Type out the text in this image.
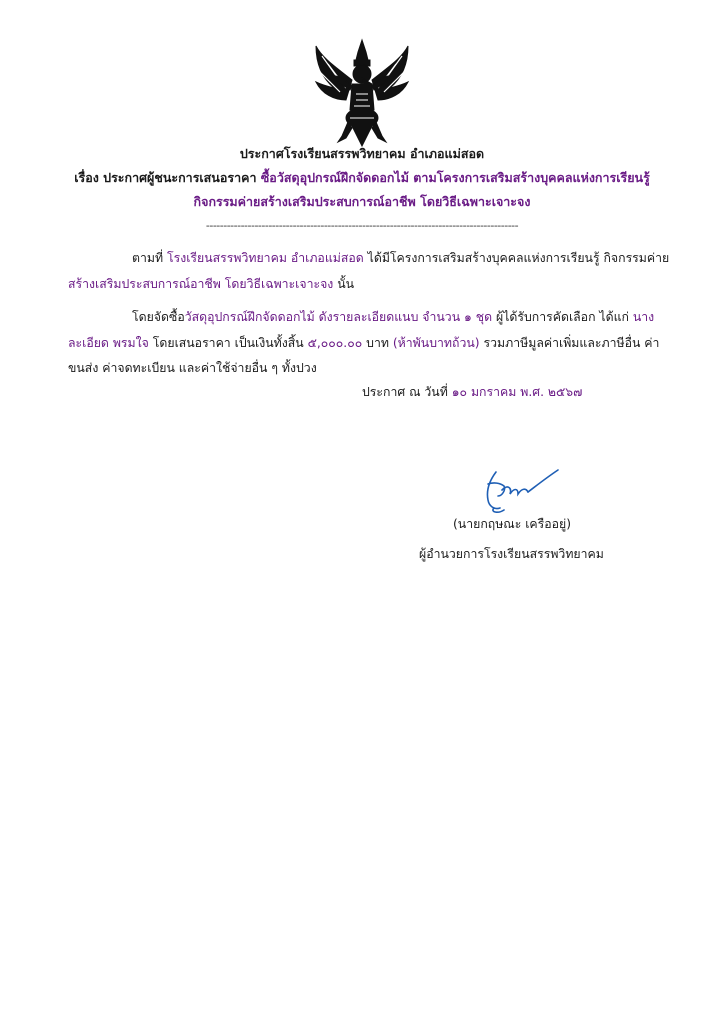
ประกาศโรงเรียนสรรพวิทยาคม อำเภอแม่สอด
เรื่อง ประกาศผู้ชนะการเสนอราคา ซื้อวัสดุอุปกรณ์ฝึกจัดดอกไม้ ตามโครงการเสริมสร้างบุคคลแห่งการเรียนรู้
กิจกรรมค่ายสร้างเสริมประสบการณ์อาชีพ โดยวิธีเฉพาะเจาะจง
------------------------------------------------------------------------------------------
ตามที่ โรงเรียนสรรพวิทยาคม อำเภอแม่สอด ได้มีโครงการเสริมสร้างบุคคลแห่งการเรียนรู้ กิจกรรมค่าย
สร้างเสริมประสบการณ์อาชีพ โดยวิธีเฉพาะเจาะจง นั้น
โดยจัดซื้อวัสดุอุปกรณ์ฝึกจัดดอกไม้ ดังรายละเอียดแนบ จำนวน ๑ ชุด ผู้ได้รับการคัดเลือก ได้แก่ นาง
ละเอียด พรมใจ โดยเสนอราคา เป็นเงินทั้งสิ้น ๕,๐๐๐.๐๐ บาท (ห้าพันบาทถ้วน) รวมภาษีมูลค่าเพิ่มและภาษีอื่น ค่า
ขนส่ง ค่าจดทะเบียน และค่าใช้จ่ายอื่น ๆ ทั้งปวง
ประกาศ ณ วันที่ ๑๐ มกราคม พ.ศ. ๒๕๖๗
(นายกฤษณะ เครืออยู่)
ผู้อำนวยการโรงเรียนสรรพวิทยาคม
